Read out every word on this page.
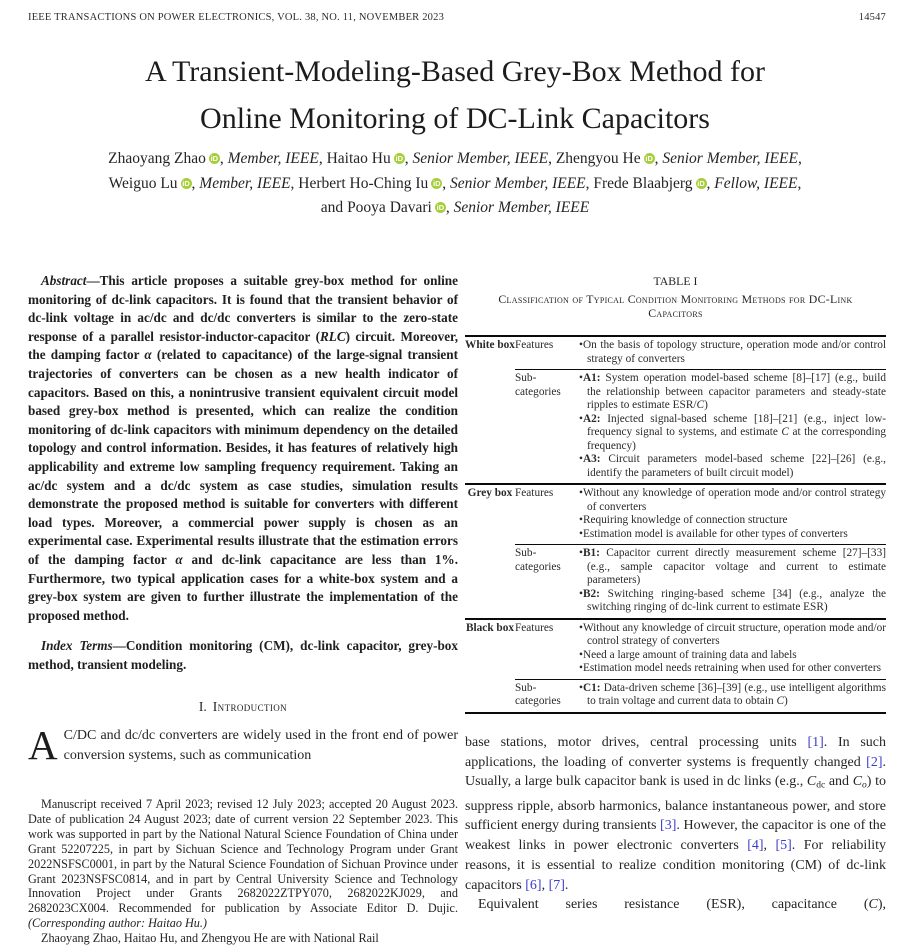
IEEE TRANSACTIONS ON POWER ELECTRONICS, VOL. 38, NO. 11, NOVEMBER 2023	14547
A Transient-Modeling-Based Grey-Box Method for
Online Monitoring of DC-Link Capacitors
Zhaoyang Zhao iD , Member, IEEE, Haitao Hu iD , Senior Member, IEEE, Zhengyou He iD , Senior Member, IEEE,
Weiguo Lu iD , Member, IEEE, Herbert Ho-Ching Iu iD , Senior Member, IEEE, Frede Blaabjerg iD , Fellow, IEEE,
and Pooya Davari iD , Senior Member, IEEE
Abstract—This article proposes a suitable grey-box method for online monitoring of dc-link capacitors. It is found that the transient behavior of dc-link voltage in ac/dc and dc/dc converters is similar to the zero-state response of a parallel resistor-inductor-capacitor (RLC) circuit. Moreover, the damping factor α (related to capacitance) of the large-signal transient trajectories of converters can be chosen as a new health indicator of capacitors. Based on this, a nonintrusive transient equivalent circuit model based grey-box method is presented, which can realize the condition monitoring of dc-link capacitors with minimum dependency on the detailed topology and control information. Besides, it has features of relatively high applicability and extreme low sampling frequency requirement. Taking an ac/dc system and a dc/dc system as case studies, simulation results demonstrate the proposed method is suitable for converters with different load types. Moreover, a commercial power supply is chosen as an experimental case. Experimental results illustrate that the estimation errors of the damping factor α and dc-link capacitance are less than 1%. Furthermore, two typical application cases for a white-box system and a grey-box system are given to further illustrate the implementation of the proposed method.
Index Terms—Condition monitoring (CM), dc-link capacitor, grey-box method, transient modeling.
I. Introduction
A C/DC and dc/dc converters are widely used in the front end of power conversion systems, such as communication
Manuscript received 7 April 2023; revised 12 July 2023; accepted 20 August 2023. Date of publication 24 August 2023; date of current version 22 September 2023. This work was supported in part by the National Natural Science Foundation of China under Grant 52207225, in part by Sichuan Science and Technology Program under Grant 2022NSFSC0001, in part by the Natural Science Foundation of Sichuan Province under Grant 2023NSFSC0814, and in part by Central University Science and Technology Innovation Project under Grants 2682022ZTPY070, 2682022KJ029, and 2682023CX004. Recommended for publication by Associate Editor D. Dujic. (Corresponding author: Haitao Hu.)
Zhaoyang Zhao, Haitao Hu, and Zhengyou He are with National Rail
TABLE I
Classification of Typical Condition Monitoring Methods for DC-Link Capacitors
White box	Features	•On the basis of topology structure, operation mode and/or control strategy of converters

	Sub-categories	•A1: System operation model-based scheme [8]–[17] (e.g., build the relationship between capacitor parameters and steady-state ripples to estimate ESR/C)
•A2: Injected signal-based scheme [18]–[21] (e.g., inject low-frequency signal to systems, and estimate C at the corresponding frequency)
•A3: Circuit parameters model-based scheme [22]–[26] (e.g., identify the parameters of built circuit model)

Grey box	Features	•Without any knowledge of operation mode and/or control strategy of converters
•Requiring knowledge of connection structure
•Estimation model is available for other types of converters

	Sub-categories	•B1: Capacitor current directly measurement scheme [27]–[33] (e.g., sample capacitor voltage and current to estimate parameters)
•B2: Switching ringing-based scheme [34] (e.g., analyze the switching ringing of dc-link current to estimate ESR)

Black box	Features	•Without any knowledge of circuit structure, operation mode and/or control strategy of converters
•Need a large amount of training data and labels
•Estimation model needs retraining when used for other converters

	Sub-categories	•C1: Data-driven scheme [36]–[39] (e.g., use intelligent algorithms to train voltage and current data to obtain C)
base stations, motor drives, central processing units [1]. In such applications, the loading of converter systems is frequently changed [2]. Usually, a large bulk capacitor bank is used in dc links (e.g., Cdc and Co) to suppress ripple, absorb harmonics, balance instantaneous power, and store sufficient energy during transients [3]. However, the capacitor is one of the weakest links in power electronic converters [4], [5]. For reliability reasons, it is essential to realize condition monitoring (CM) of dc-link capacitors [6], [7].
Equivalent series resistance (ESR), capacitance (C),
